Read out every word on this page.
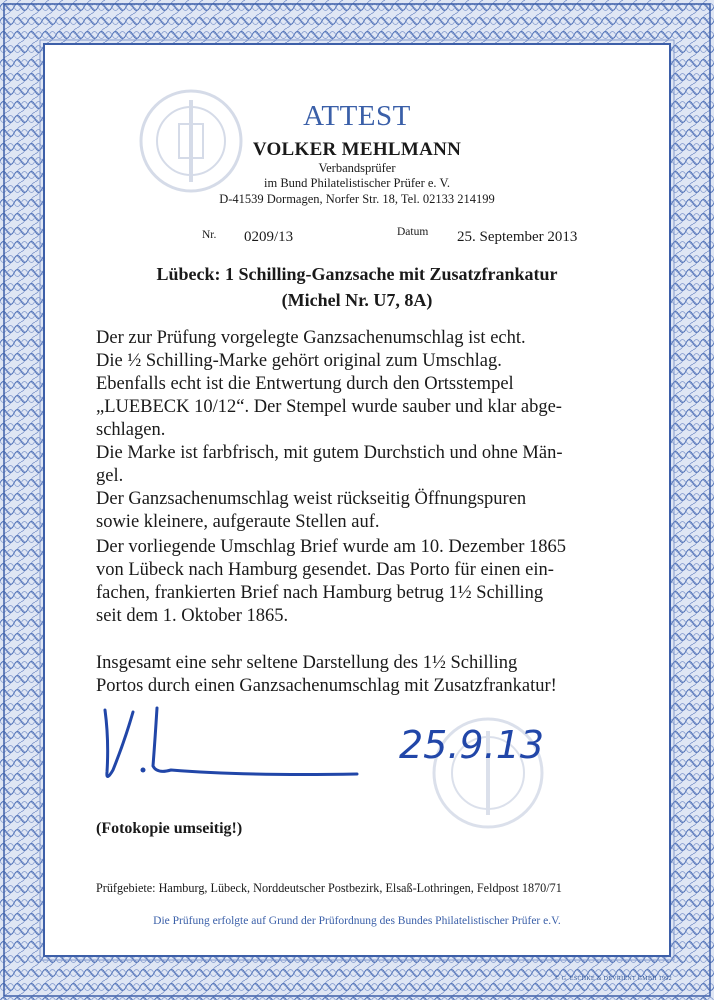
ATTEST

VOLKER MEHLMANN

Verbandsprüfer

im Bund Philatelistischer Prüfer e. V.

D-41539 Dormagen, Norfer Str. 18, Tel. 02133 214199

Nr. 0209/13	Datum 25. September 2013

Lübeck: 1 Schilling-Ganzsache mit Zusatzfrankatur

(Michel Nr. U7, 8A)

Der zur Prüfung vorgelegte Ganzsachenumschlag ist echt.

Die ½ Schilling-Marke gehört original zum Umschlag.

Ebenfalls echt ist die Entwertung durch den Ortsstempel

„LUEBECK 10/12“. Der Stempel wurde sauber und klar abge-

schlagen.

Die Marke ist farbfrisch, mit gutem Durchstich und ohne Män-

gel.

Der Ganzsachenumschlag weist rückseitig Öffnungspuren

sowie kleinere, aufgeraute Stellen auf.

Der vorliegende Umschlag Brief wurde am 10. Dezember 1865

von Lübeck nach Hamburg gesendet. Das Porto für einen ein-

fachen, frankierten Brief nach Hamburg betrug 1½ Schilling

seit dem 1. Oktober 1865.

Insgesamt eine sehr seltene Darstellung des 1½ Schilling

Portos durch einen Ganzsachenumschlag mit Zusatzfrankatur!

25.9.13

(Fotokopie umseitig!)

Prüfgebiete: Hamburg, Lübeck, Norddeutscher Postbezirk, Elsaß-Lothringen, Feldpost 1870/71

Die Prüfung erfolgte auf Grund der Prüfordnung des Bundes Philatelistischer Prüfer e.V.

© G. ESCHKE & DEVRIENT GMBH 1992
